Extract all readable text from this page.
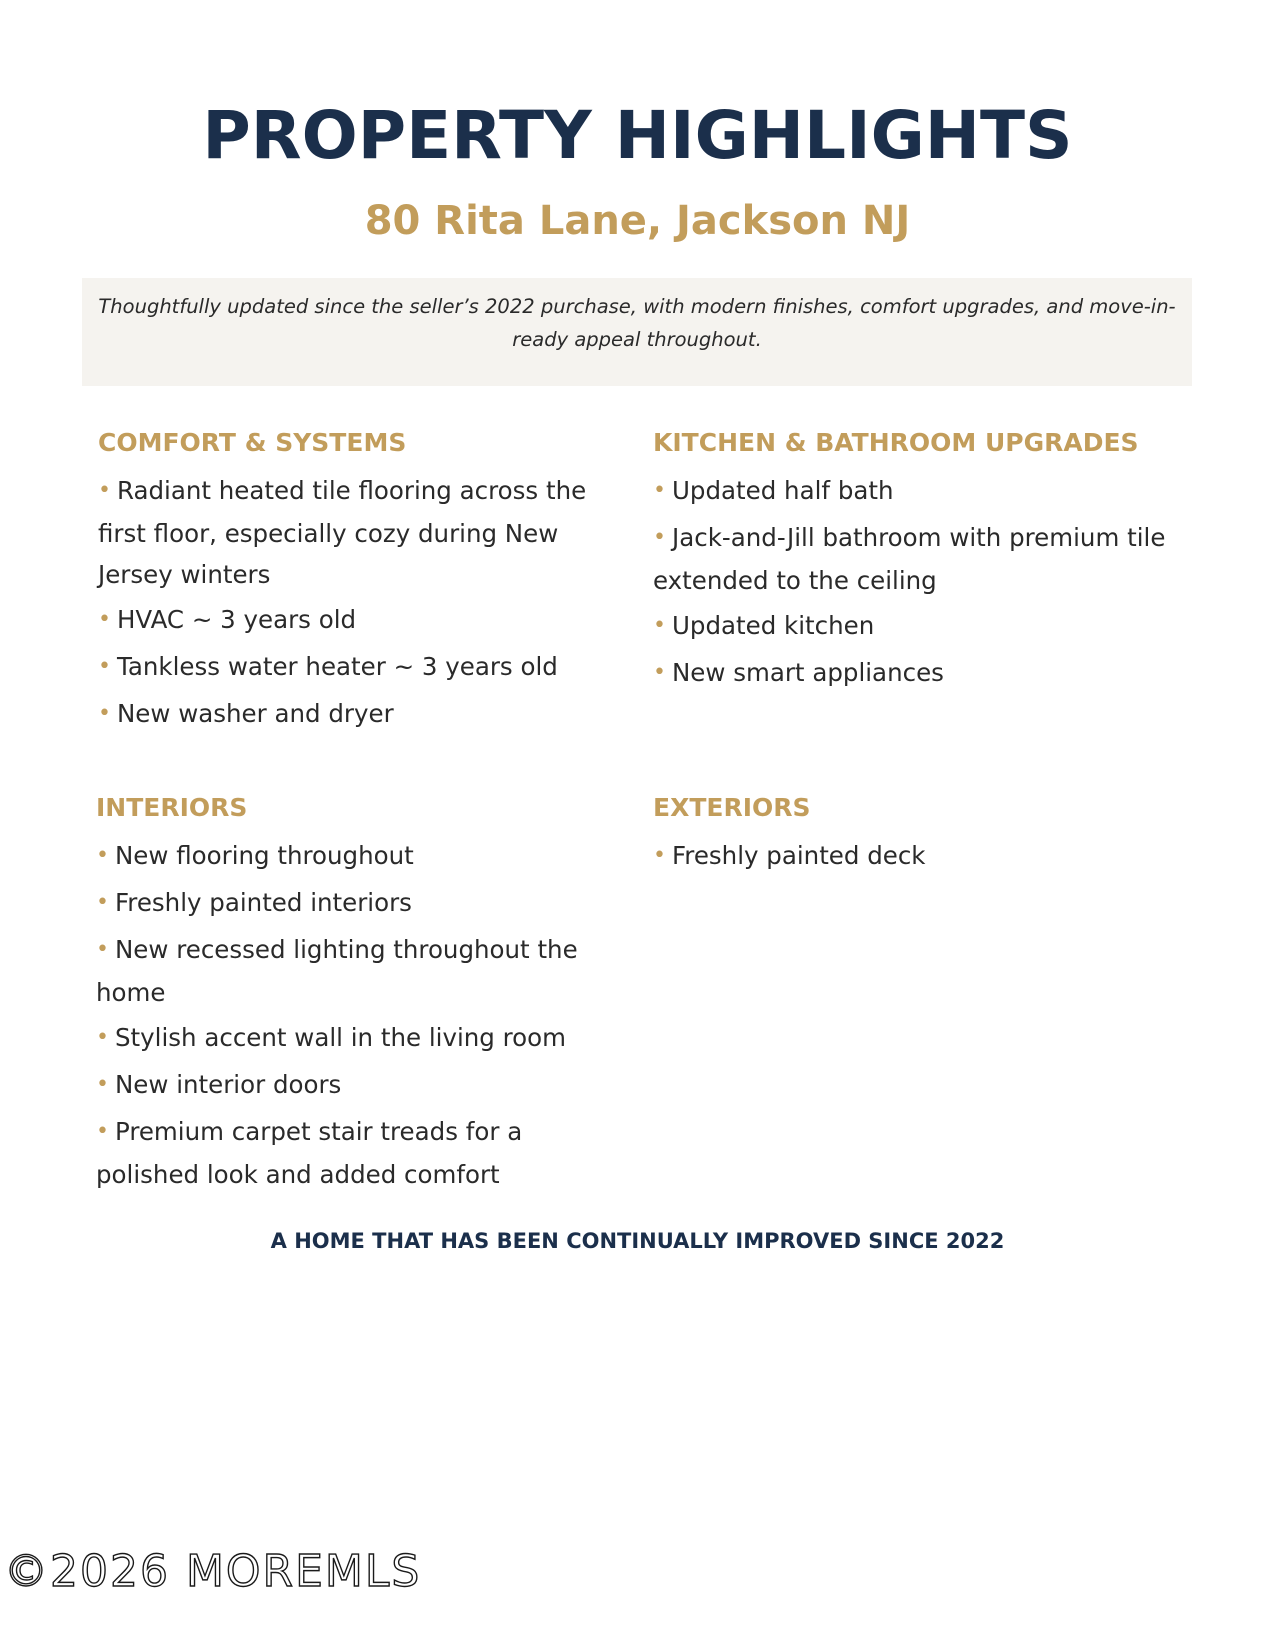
PROPERTY HIGHLIGHTS
80 Rita Lane, Jackson NJ
Thoughtfully updated since the seller’s 2022 purchase, with modern finishes, comfort upgrades, and move-in-ready appeal throughout.
COMFORT & SYSTEMS
• Radiant heated tile flooring across the first floor, especially cozy during New Jersey winters
• HVAC ~ 3 years old
• Tankless water heater ~ 3 years old
• New washer and dryer
KITCHEN & BATHROOM UPGRADES
• Updated half bath
• Jack-and-Jill bathroom with premium tile extended to the ceiling
• Updated kitchen
• New smart appliances
INTERIORS
• New flooring throughout
• Freshly painted interiors
• New recessed lighting throughout the home
• Stylish accent wall in the living room
• New interior doors
• Premium carpet stair treads for a polished look and added comfort
EXTERIORS
• Freshly painted deck
A HOME THAT HAS BEEN CONTINUALLY IMPROVED SINCE 2022
©2026 MOREMLS
